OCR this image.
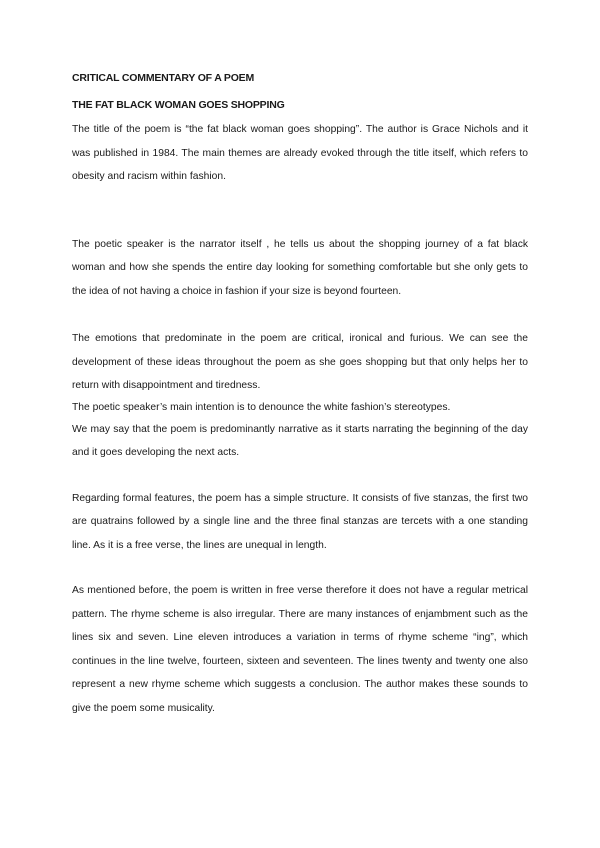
CRITICAL COMMENTARY OF A POEM

THE FAT BLACK WOMAN GOES SHOPPING

The title of the poem is “the fat black woman goes shopping”. The author is Grace Nichols and it was published in 1984. The main themes are already evoked through the title itself, which refers to obesity and racism within fashion.

The poetic speaker is the narrator itself , he tells us about the shopping journey of a fat black woman and how she spends the entire day looking for something comfortable but she only gets to the idea of not having a choice in fashion if your size is beyond fourteen.

The emotions that predominate in the poem are critical, ironical and furious. We can see the development of these ideas throughout the poem as she goes shopping but that only helps her to return with disappointment and tiredness.

The poetic speaker’s main intention is to denounce the white fashion’s stereotypes.

We may say that the poem is predominantly narrative as it starts narrating the beginning of the day and it goes developing the next acts.

Regarding formal features, the poem has a simple structure. It consists of five stanzas, the first two are quatrains followed by a single line and the three final stanzas are tercets with a one standing line. As it is a free verse, the lines are unequal in length.

As mentioned before, the poem is written in free verse therefore it does not have a regular metrical pattern. The rhyme scheme is also irregular. There are many instances of enjambment such as the lines six and seven. Line eleven introduces a variation in terms of rhyme scheme “ing”, which continues in the line twelve, fourteen, sixteen and seventeen. The lines twenty and twenty one also represent a new rhyme scheme which suggests a conclusion. The author makes these sounds to give the poem some musicality.
